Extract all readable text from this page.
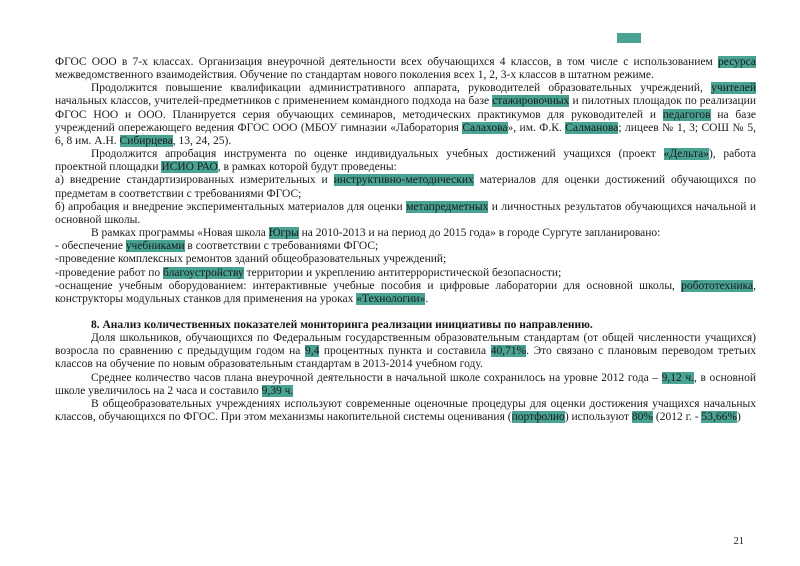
ФГОС ООО в 7-х классах. Организация внеурочной деятельности всех обучающихся 4 классов, в том числе с использованием ресурса межведомственного взаимодействия. Обучение по стандартам нового поколения всех 1, 2, 3-х классов в штатном режиме.

Продолжится повышение квалификации административного аппарата, руководителей образовательных учреждений, учителей начальных классов, учителей-предметников с применением командного подхода на базе стажировочных и пилотных площадок по реализации ФГОС НОО и ООО. Планируется серия обучающих семинаров, методических практикумов для руководителей и педагогов на базе учреждений опережающего ведения ФГОС ООО (МБОУ гимназии «Лаборатория Салахова», им. Ф.К. Салманова; лицеев № 1, 3; СОШ № 5, 6, 8 им. А.Н. Сибирцева, 13, 24, 25).

Продолжится апробация инструмента по оценке индивидуальных учебных достижений учащихся (проект «Дельта»), работа проектной площадки ИСИО РАО, в рамках которой будут проведены:

а) внедрение стандартизированных измерительных и инструктивно-методических материалов для оценки достижений обучающихся по предметам в соответствии с требованиями ФГОС;

б) апробация и внедрение экспериментальных материалов для оценки метапредметных и личностных результатов обучающихся начальной и основной школы.

В рамках программы «Новая школа Югры на 2010-2013 и на период до 2015 года» в городе Сургуте запланировано:

- обеспечение учебниками в соответствии с требованиями ФГОС;

-проведение комплексных ремонтов зданий общеобразовательных учреждений;

-проведение работ по благоустройству территории и укреплению антитеррористической безопасности;

-оснащение учебным оборудованием: интерактивные учебные пособия и цифровые лаборатории для основной школы, робототехника, конструкторы модульных станков для применения на уроках «Технологии».

8. Анализ количественных показателей мониторинга реализации инициативы по направлению.

Доля школьников, обучающихся по Федеральным государственным образовательным стандартам (от общей численности учащихся) возросла по сравнению с предыдущим годом на 9,4 процентных пункта и составила 40,71%. Это связано с плановым переводом третьих классов на обучение по новым образовательным стандартам в 2013-2014 учебном году.

Среднее количество часов плана внеурочной деятельности в начальной школе сохранилось на уровне 2012 года – 9,12 ч., в основной школе увеличилось на 2 часа и составило 9,39 ч.

В общеобразовательных учреждениях используют современные оценочные процедуры для оценки достижения учащихся начальных классов, обучающихся по ФГОС. При этом механизмы накопительной системы оценивания (портфолио) используют 80% (2012 г. - 53,66%)

21
